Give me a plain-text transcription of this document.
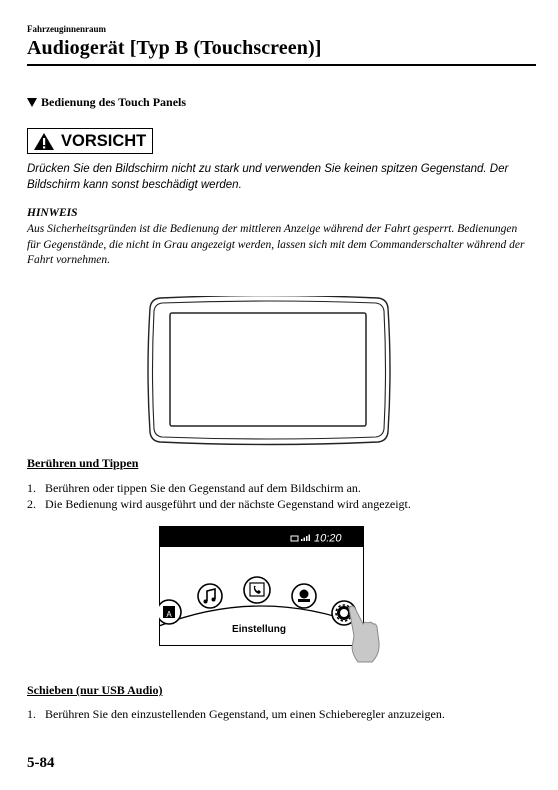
Fahrzeuginnenraum
Audiogerät [Typ B (Touchscreen)]
Bedienung des Touch Panels
VORSICHT
Drücken Sie den Bildschirm nicht zu stark und verwenden Sie keinen spitzen Gegenstand. Der Bildschirm kann sonst beschädigt werden.
HINWEIS
Aus Sicherheitsgründen ist die Bedienung der mittleren Anzeige während der Fahrt gesperrt. Bedienungen für Gegenstände, die nicht in Grau angezeigt werden, lassen sich mit dem Commanderschalter während der Fahrt vornehmen.
Berühren und Tippen
1. Berühren oder tippen Sie den Gegenstand auf dem Bildschirm an.
2. Die Bedienung wird ausgeführt und der nächste Gegenstand wird angezeigt.
10:20
A
Einstellung
Schieben (nur USB Audio)
1. Berühren Sie den einzustellenden Gegenstand, um einen Schieberegler anzuzeigen.
5-84
